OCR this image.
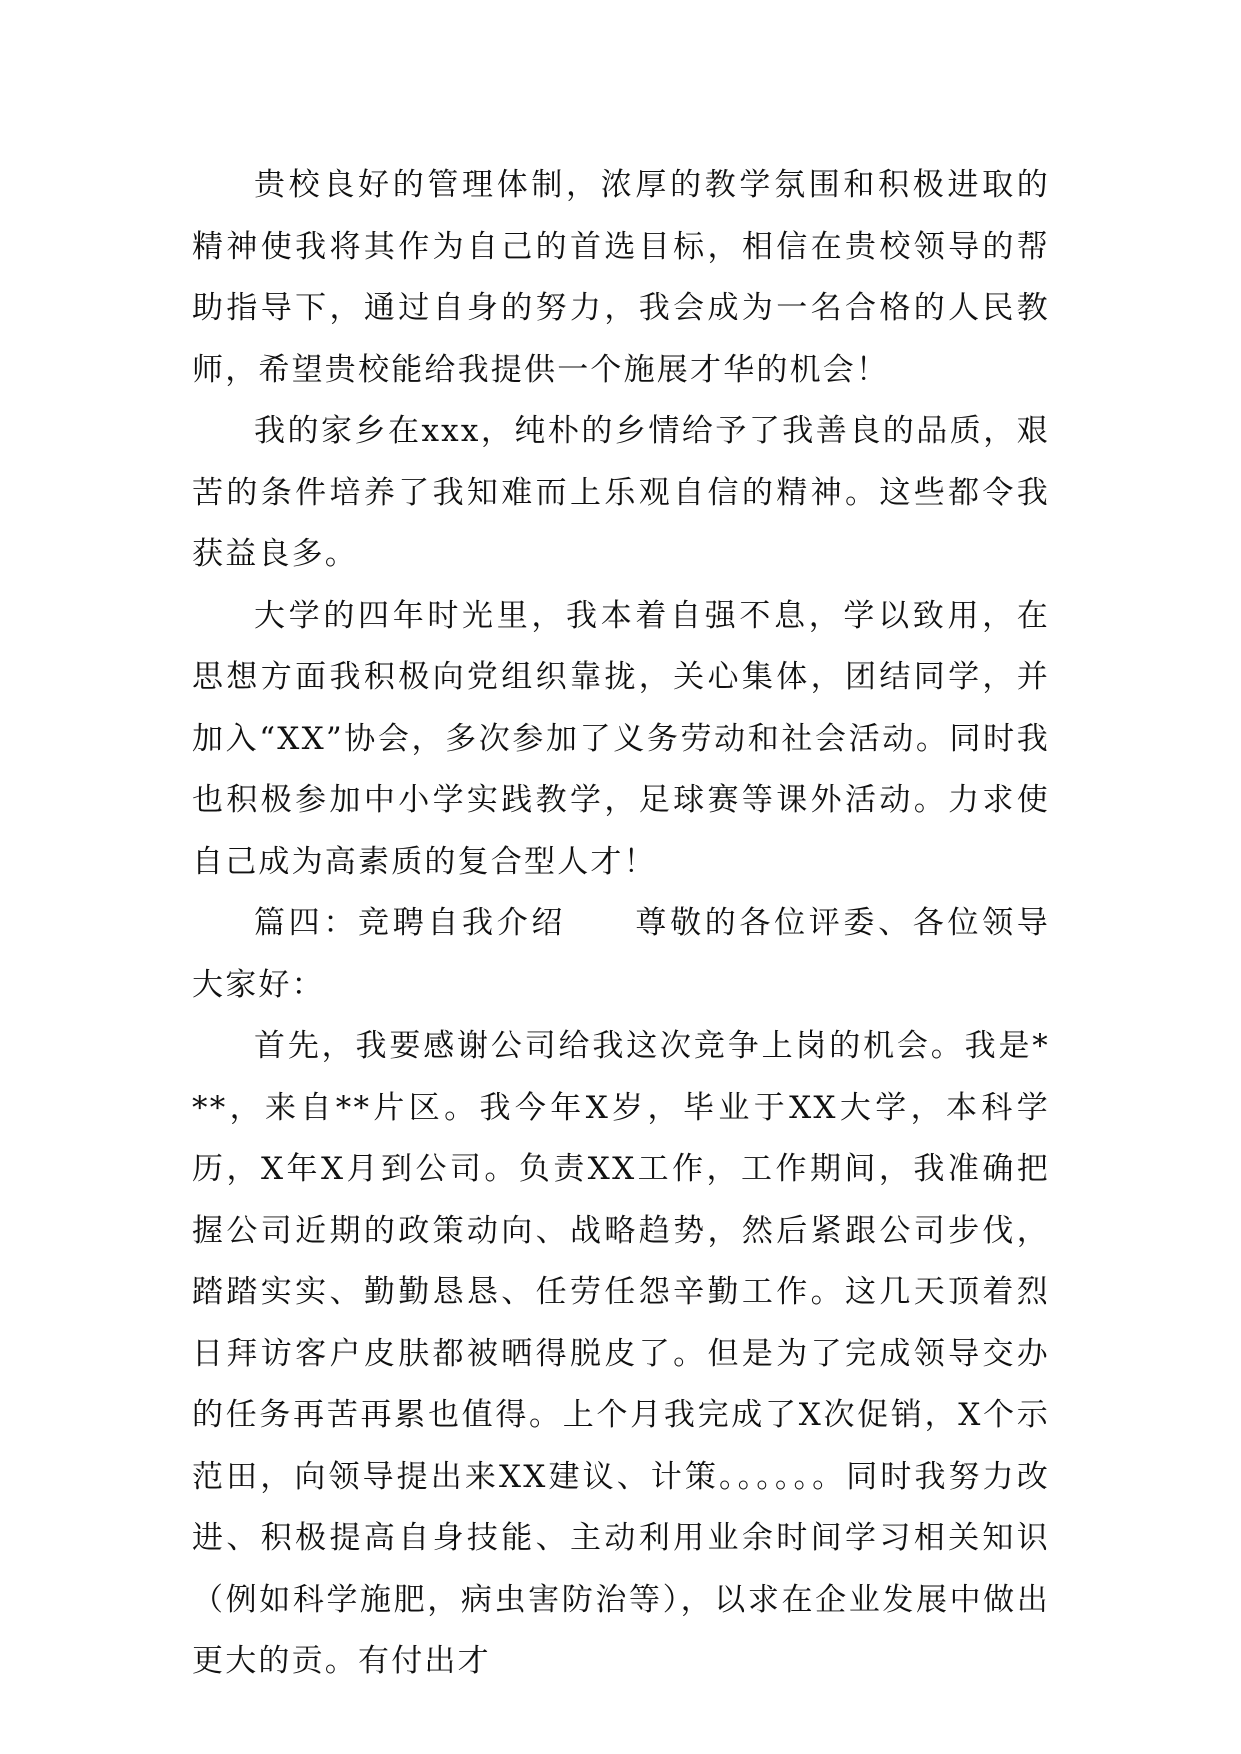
贵校良好的管理体制，浓厚的教学氛围和积极进取的精神使我将其作为自己的首选目标，相信在贵校领导的帮助指导下，通过自身的努力，我会成为一名合格的人民教师，希望贵校能给我提供一个施展才华的机会！

我的家乡在xxx，纯朴的乡情给予了我善良的品质，艰苦的条件培养了我知难而上乐观自信的精神。这些都令我获益良多。

大学的四年时光里，我本着自强不息，学以致用，在思想方面我积极向党组织靠拢，关心集体，团结同学，并加入“XX”协会，多次参加了义务劳动和社会活动。同时我也积极参加中小学实践教学，足球赛等课外活动。力求使自己成为高素质的复合型人才！

篇四：竞聘自我介绍　　尊敬的各位评委、各位领导大家好：

首先，我要感谢公司给我这次竞争上岗的机会。我是***，来自**片区。我今年X岁，毕业于XX大学，本科学历，X年X月到公司。负责XX工作，工作期间，我准确把握公司近期的政策动向、战略趋势，然后紧跟公司步伐，踏踏实实、勤勤恳恳、任劳任怨辛勤工作。这几天顶着烈日拜访客户皮肤都被晒得脱皮了。但是为了完成领导交办的任务再苦再累也值得。上个月我完成了X次促销，X个示范田，向领导提出来XX建议、计策。。。。。。同时我努力改进、积极提高自身技能、主动利用业余时间学习相关知识（例如科学施肥，病虫害防治等），以求在企业发展中做出更大的贡。有付出才
